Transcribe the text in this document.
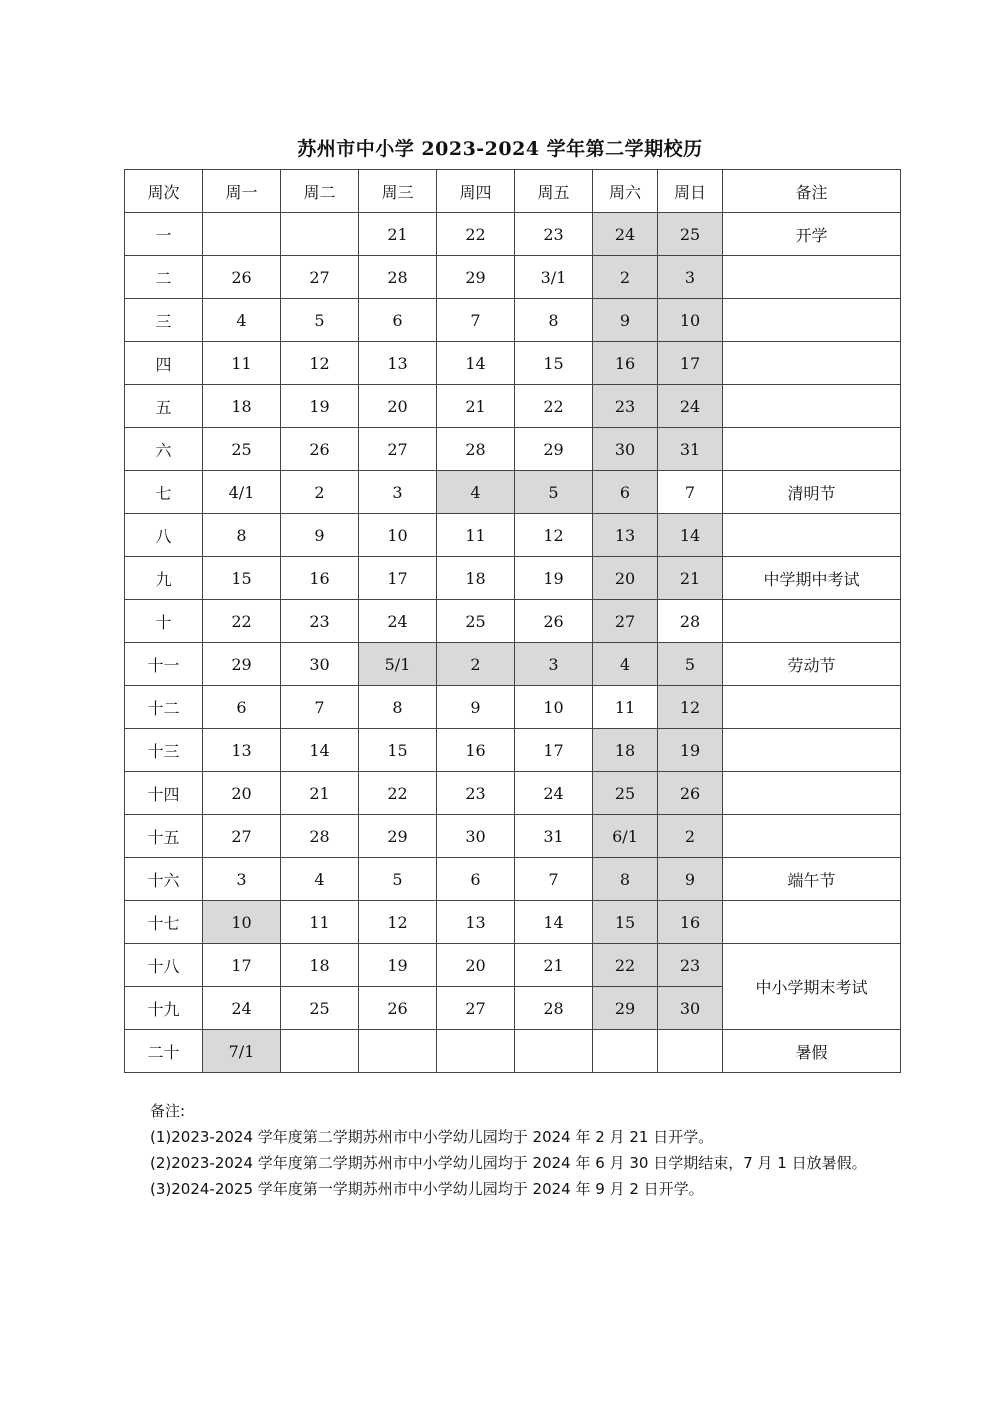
苏州市中小学 2023-2024 学年第二学期校历
周次	周一	周二	周三	周四	周五	周六	周日	备注
一			21	22	23	24	25	开学
二	26	27	28	29	3/1	2	3	
三	4	5	6	7	8	9	10	
四	11	12	13	14	15	16	17	
五	18	19	20	21	22	23	24	
六	25	26	27	28	29	30	31	
七	4/1	2	3	4	5	6	7	清明节
八	8	9	10	11	12	13	14	
九	15	16	17	18	19	20	21	中学期中考试
十	22	23	24	25	26	27	28	
十一	29	30	5/1	2	3	4	5	劳动节
十二	6	7	8	9	10	11	12	
十三	13	14	15	16	17	18	19	
十四	20	21	22	23	24	25	26	
十五	27	28	29	30	31	6/1	2	
十六	3	4	5	6	7	8	9	端午节
十七	10	11	12	13	14	15	16	
十八	17	18	19	20	21	22	23	中小学期末考试
十九	24	25	26	27	28	29	30	
二十	7/1							暑假
备注:
(1)2023-2024 学年度第二学期苏州市中小学幼儿园均于 2024 年 2 月 21 日开学。
(2)2023-2024 学年度第二学期苏州市中小学幼儿园均于 2024 年 6 月 30 日学期结束，7 月 1 日放暑假。
(3)2024-2025 学年度第一学期苏州市中小学幼儿园均于 2024 年 9 月 2 日开学。
